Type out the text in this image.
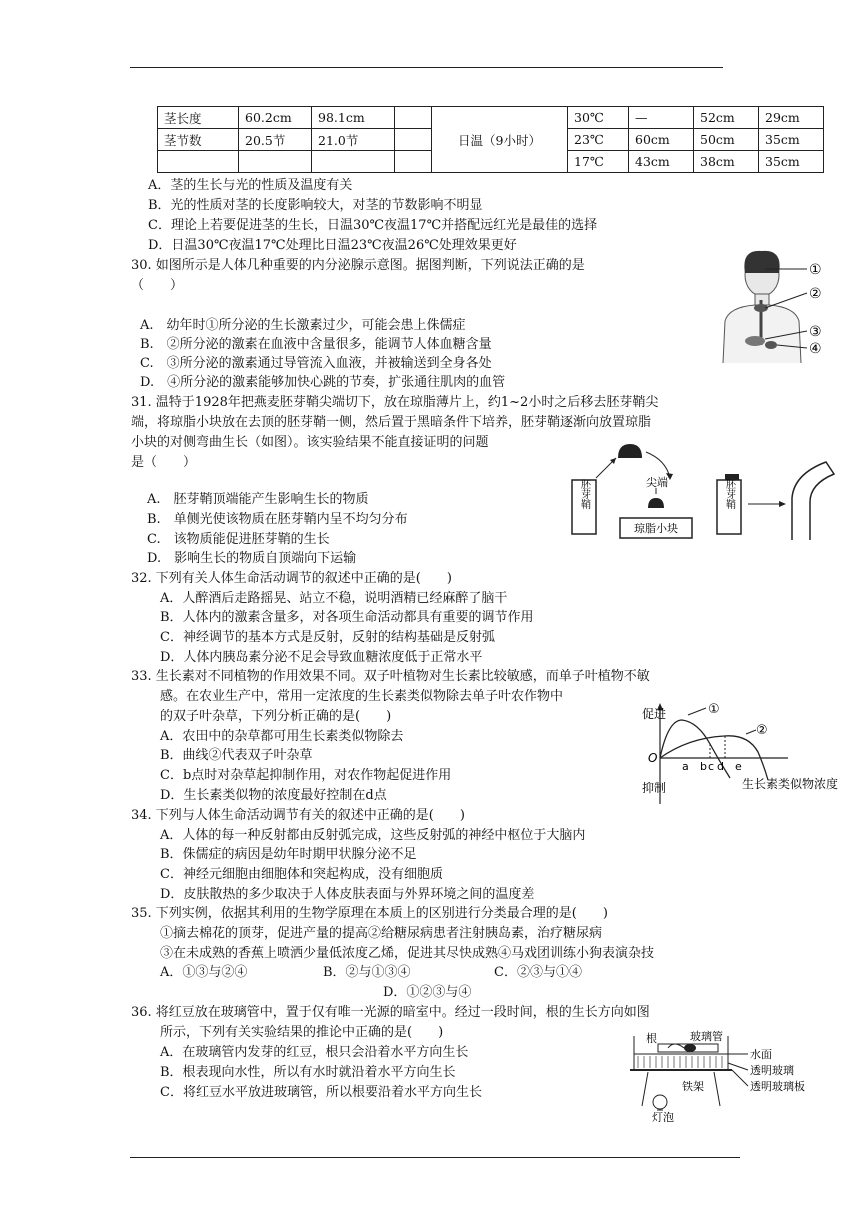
茎长度	60.2cm	98.1cm		日温（9小时）	30℃	—	52cm	29cm
茎节数	20.5节	21.0节			23℃	60cm	50cm	35cm
					17℃	43cm	38cm	35cm
A．茎的生长与光的性质及温度有关
B．光的性质对茎的长度影响较大，对茎的节数影响不明显
C．理论上若要促进茎的生长，日温30℃夜温17℃并搭配远红光是最佳的选择
D．日温30℃夜温17℃处理比日温23℃夜温26℃处理效果更好
30. 如图所示是人体几种重要的内分泌腺示意图。据图判断，下列说法正确的是
（　　）
A.　幼年时①所分泌的生长激素过少，可能会患上侏儒症
B.　②所分泌的激素在血液中含量很多，能调节人体血糖含量
C.　③所分泌的激素通过导管流入血液，并被输送到全身各处
D.　④所分泌的激素能够加快心跳的节奏，扩张通往肌肉的血管
①
②
③
④
31. 温特于1928年把燕麦胚芽鞘尖端切下，放在琼脂薄片上，约1~2小时之后移去胚芽鞘尖
端，将琼脂小块放在去顶的胚芽鞘一侧，然后置于黑暗条件下培养，胚芽鞘逐渐向放置琼脂
小块的对侧弯曲生长（如图）。该实验结果不能直接证明的问题
是（　　）
A.　胚芽鞘顶端能产生影响生长的物质
B.　单侧光使该物质在胚芽鞘内呈不均匀分布
C.　该物质能促进胚芽鞘的生长
D.　影响生长的物质自顶端向下运输
胚芽鞘	尖端
琼脂小块
胚芽鞘
32. 下列有关人体生命活动调节的叙述中正确的是(　　)
A．人醉酒后走路摇晃、站立不稳，说明酒精已经麻醉了脑干
B．人体内的激素含量多，对各项生命活动都具有重要的调节作用
C．神经调节的基本方式是反射，反射的结构基础是反射弧
D．人体内胰岛素分泌不足会导致血糖浓度低于正常水平
33. 生长素对不同植物的作用效果不同。双子叶植物对生长素比较敏感，而单子叶植物不敏
感。在农业生产中，常用一定浓度的生长素类似物除去单子叶农作物中
的双子叶杂草，下列分析正确的是(　　)
A．农田中的杂草都可用生长素类似物除去
B．曲线②代表双子叶杂草
C．b点时对杂草起抑制作用，对农作物起促进作用
D．生长素类似物的浓度最好控制在d点
促进
O
抑制
①
②
a b c d e
生长素类似物浓度
34. 下列与人体生命活动调节有关的叙述中正确的是(　　)
A．人体的每一种反射都由反射弧完成，这些反射弧的神经中枢位于大脑内
B．侏儒症的病因是幼年时期甲状腺分泌不足
C．神经元细胞由细胞体和突起构成，没有细胞质
D．皮肤散热的多少取决于人体皮肤表面与外界环境之间的温度差
35. 下列实例，依据其利用的生物学原理在本质上的区别进行分类最合理的是(　　)
①摘去棉花的顶芽，促进产量的提高②给糖尿病患者注射胰岛素，治疗糖尿病
③在未成熟的香蕉上喷洒少量低浓度乙烯，促进其尽快成熟④马戏团训练小狗表演杂技
A．①③与②④	B．②与①③④	C．②③与①④
D．①②③与④
36. 将红豆放在玻璃管中，置于仅有唯一光源的暗室中。经过一段时间，根的生长方向如图
所示，下列有关实验结果的推论中正确的是(　　)
A．在玻璃管内发芽的红豆，根只会沿着水平方向生长
B．根表现向水性，所以有水时就沿着水平方向生长
C．将红豆水平放进玻璃管，所以根要沿着水平方向生长
根	玻璃管
水面
透明玻璃
透明玻璃板
铁架
灯泡
